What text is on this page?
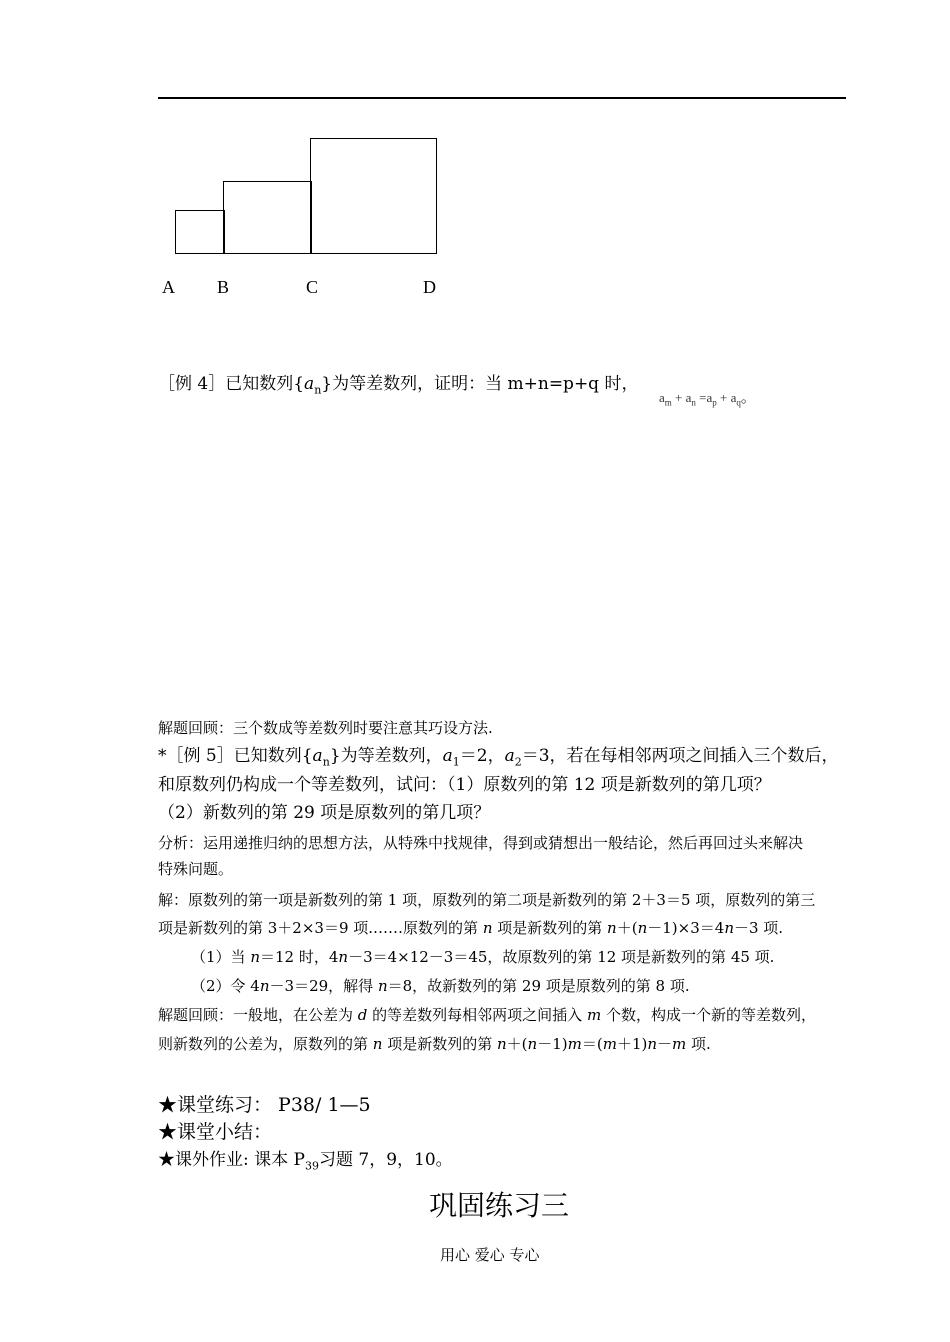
A B	C	D
［例 4］已知数列$\{a_n\}$为等差数列，证明：当 m+n=p+q 时，
$a_m + a_n =a_p + a_q$。
解题回顾：三个数成等差数列时要注意其巧设方法.
*［例 5］已知数列$\{a_n\}$为等差数列，$a_1=2$，$a_2=3$，若在每相邻两项之间插入三个数后，
和原数列仍构成一个等差数列，试问：（1）原数列的第 12 项是新数列的第几项？
（2）新数列的第 29 项是原数列的第几项？
分析：运用递推归纳的思想方法，从特殊中找规律，得到或猜想出一般结论，然后再回过头来解决
特殊问题。
解：原数列的第一项是新数列的第 1 项，原数列的第二项是新数列的第 2＋3＝5 项，原数列的第三
项是新数列的第 3＋2×3＝9 项.……原数列的第 n 项是新数列的第 n＋(n－1)×3＝4n－3 项.
（1）当 n＝12 时，4n－3＝4×12－3＝45，故原数列的第 12 项是新数列的第 45 项.
（2）令 4n－3＝29，解得 n＝8，故新数列的第 29 项是原数列的第 8 项.
解题回顾：一般地，在公差为 d 的等差数列每相邻两项之间插入 m 个数，构成一个新的等差数列，
则新数列的公差为，原数列的第 n 项是新数列的第 n＋(n－1)m＝(m＋1)n－m 项.
★课堂练习： P38/ 1—5
★课堂小结：
★课外作业: 课本 $P_{39}$习题 7，9，10。
巩固练习三
用心 爱心 专心
